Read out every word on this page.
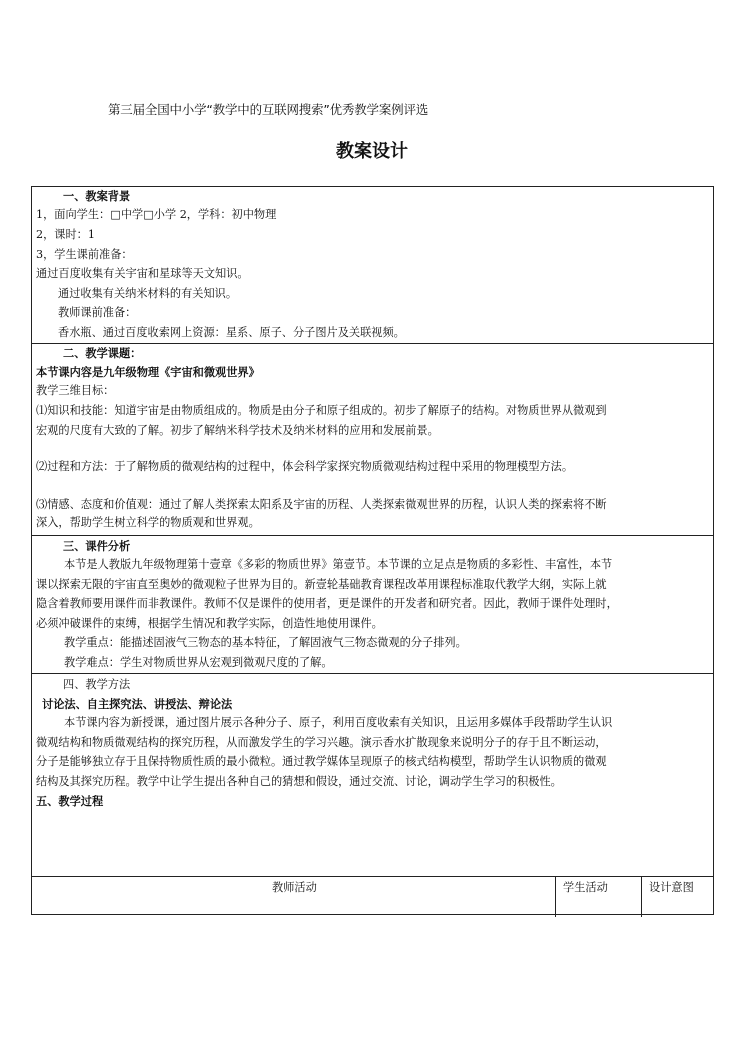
第三届全国中小学“教学中的互联网搜索”优秀教学案例评选
教案设计
一、教案背景
1，面向学生：□中学□小学 2，学科：初中物理
2，课时：1
3，学生课前准备：
通过百度收集有关宇宙和星球等天文知识。
通过收集有关纳米材料的有关知识。
教师课前准备：
香水瓶、通过百度收索网上资源：星系、原子、分子图片及关联视频。
二、教学课题：
本节课内容是九年级物理《宇宙和微观世界》
教学三维目标：
⑴知识和技能：知道宇宙是由物质组成的。物质是由分子和原子组成的。初步了解原子的结构。对物质世界从微观到
宏观的尺度有大致的了解。初步了解纳米科学技术及纳米材料的应用和发展前景。
⑵过程和方法：于了解物质的微观结构的过程中，体会科学家探究物质微观结构过程中采用的物理模型方法。
⑶情感、态度和价值观：通过了解人类探索太阳系及宇宙的历程、人类探索微观世界的历程，认识人类的探索将不断
深入，帮助学生树立科学的物质观和世界观。
三、课件分析
本节是人教版九年级物理第十壹章《多彩的物质世界》第壹节。本节课的立足点是物质的多彩性、丰富性，本节
课以探索无限的宇宙直至奥妙的微观粒子世界为目的。新壹轮基础教育课程改革用课程标准取代教学大纲，实际上就
隐含着教师要用课件而非教课件。教师不仅是课件的使用者，更是课件的开发者和研究者。因此，教师于课件处理时，
必须冲破课件的束缚，根据学生情况和教学实际，创造性地使用课件。
教学重点：能描述固液气三物态的基本特征，了解固液气三物态微观的分子排列。
教学难点：学生对物质世界从宏观到微观尺度的了解。
四、教学方法
讨论法、自主探究法、讲授法、辩论法
本节课内容为新授课，通过图片展示各种分子、原子，利用百度收索有关知识，且运用多媒体手段帮助学生认识
微观结构和物质微观结构的探究历程，从而激发学生的学习兴趣。演示香水扩散现象来说明分子的存于且不断运动，
分子是能够独立存于且保持物质性质的最小微粒。通过教学媒体呈现原子的核式结构模型，帮助学生认识物质的微观
结构及其探究历程。教学中让学生提出各种自己的猜想和假设，通过交流、讨论，调动学生学习的积极性。
五、教学过程
教师活动	学生活动	设计意图
